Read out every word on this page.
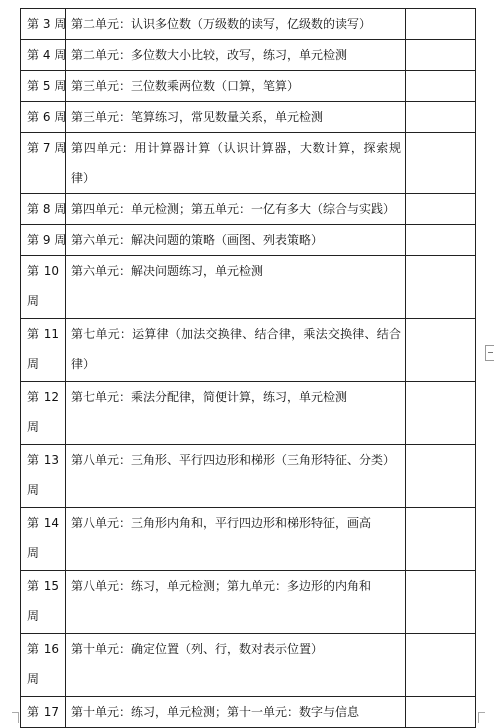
第 3 周	第二单元：认识多位数（万级数的读写，亿级数的读写）	

第 4 周	第二单元：多位数大小比较，改写，练习，单元检测	

第 5 周	第三单元：三位数乘两位数（口算，笔算）	

第 6 周	第三单元：笔算练习，常见数量关系，单元检测	

第 7 周	第四单元：用计算器计算（认识计算器，大数计算，探索规律）	

第 8 周	第四单元：单元检测；第五单元：一亿有多大（综合与实践）	

第 9 周	第六单元：解决问题的策略（画图、列表策略）	

第 10
周	第六单元：解决问题练习，单元检测	

第 11
周	第七单元：运算律（加法交换律、结合律，乘法交换律、结合律）	

第 12
周	第七单元：乘法分配律，简便计算，练习，单元检测	

第 13
周	第八单元：三角形、平行四边形和梯形（三角形特征、分类）	

第 14
周	第八单元：三角形内角和，平行四边形和梯形特征，画高	

第 15
周	第八单元：练习，单元检测；第九单元：多边形的内角和	

第 16
周	第十单元：确定位置（列、行，数对表示位置）	

第 17	第十单元：练习，单元检测；第十一单元：数字与信息	
